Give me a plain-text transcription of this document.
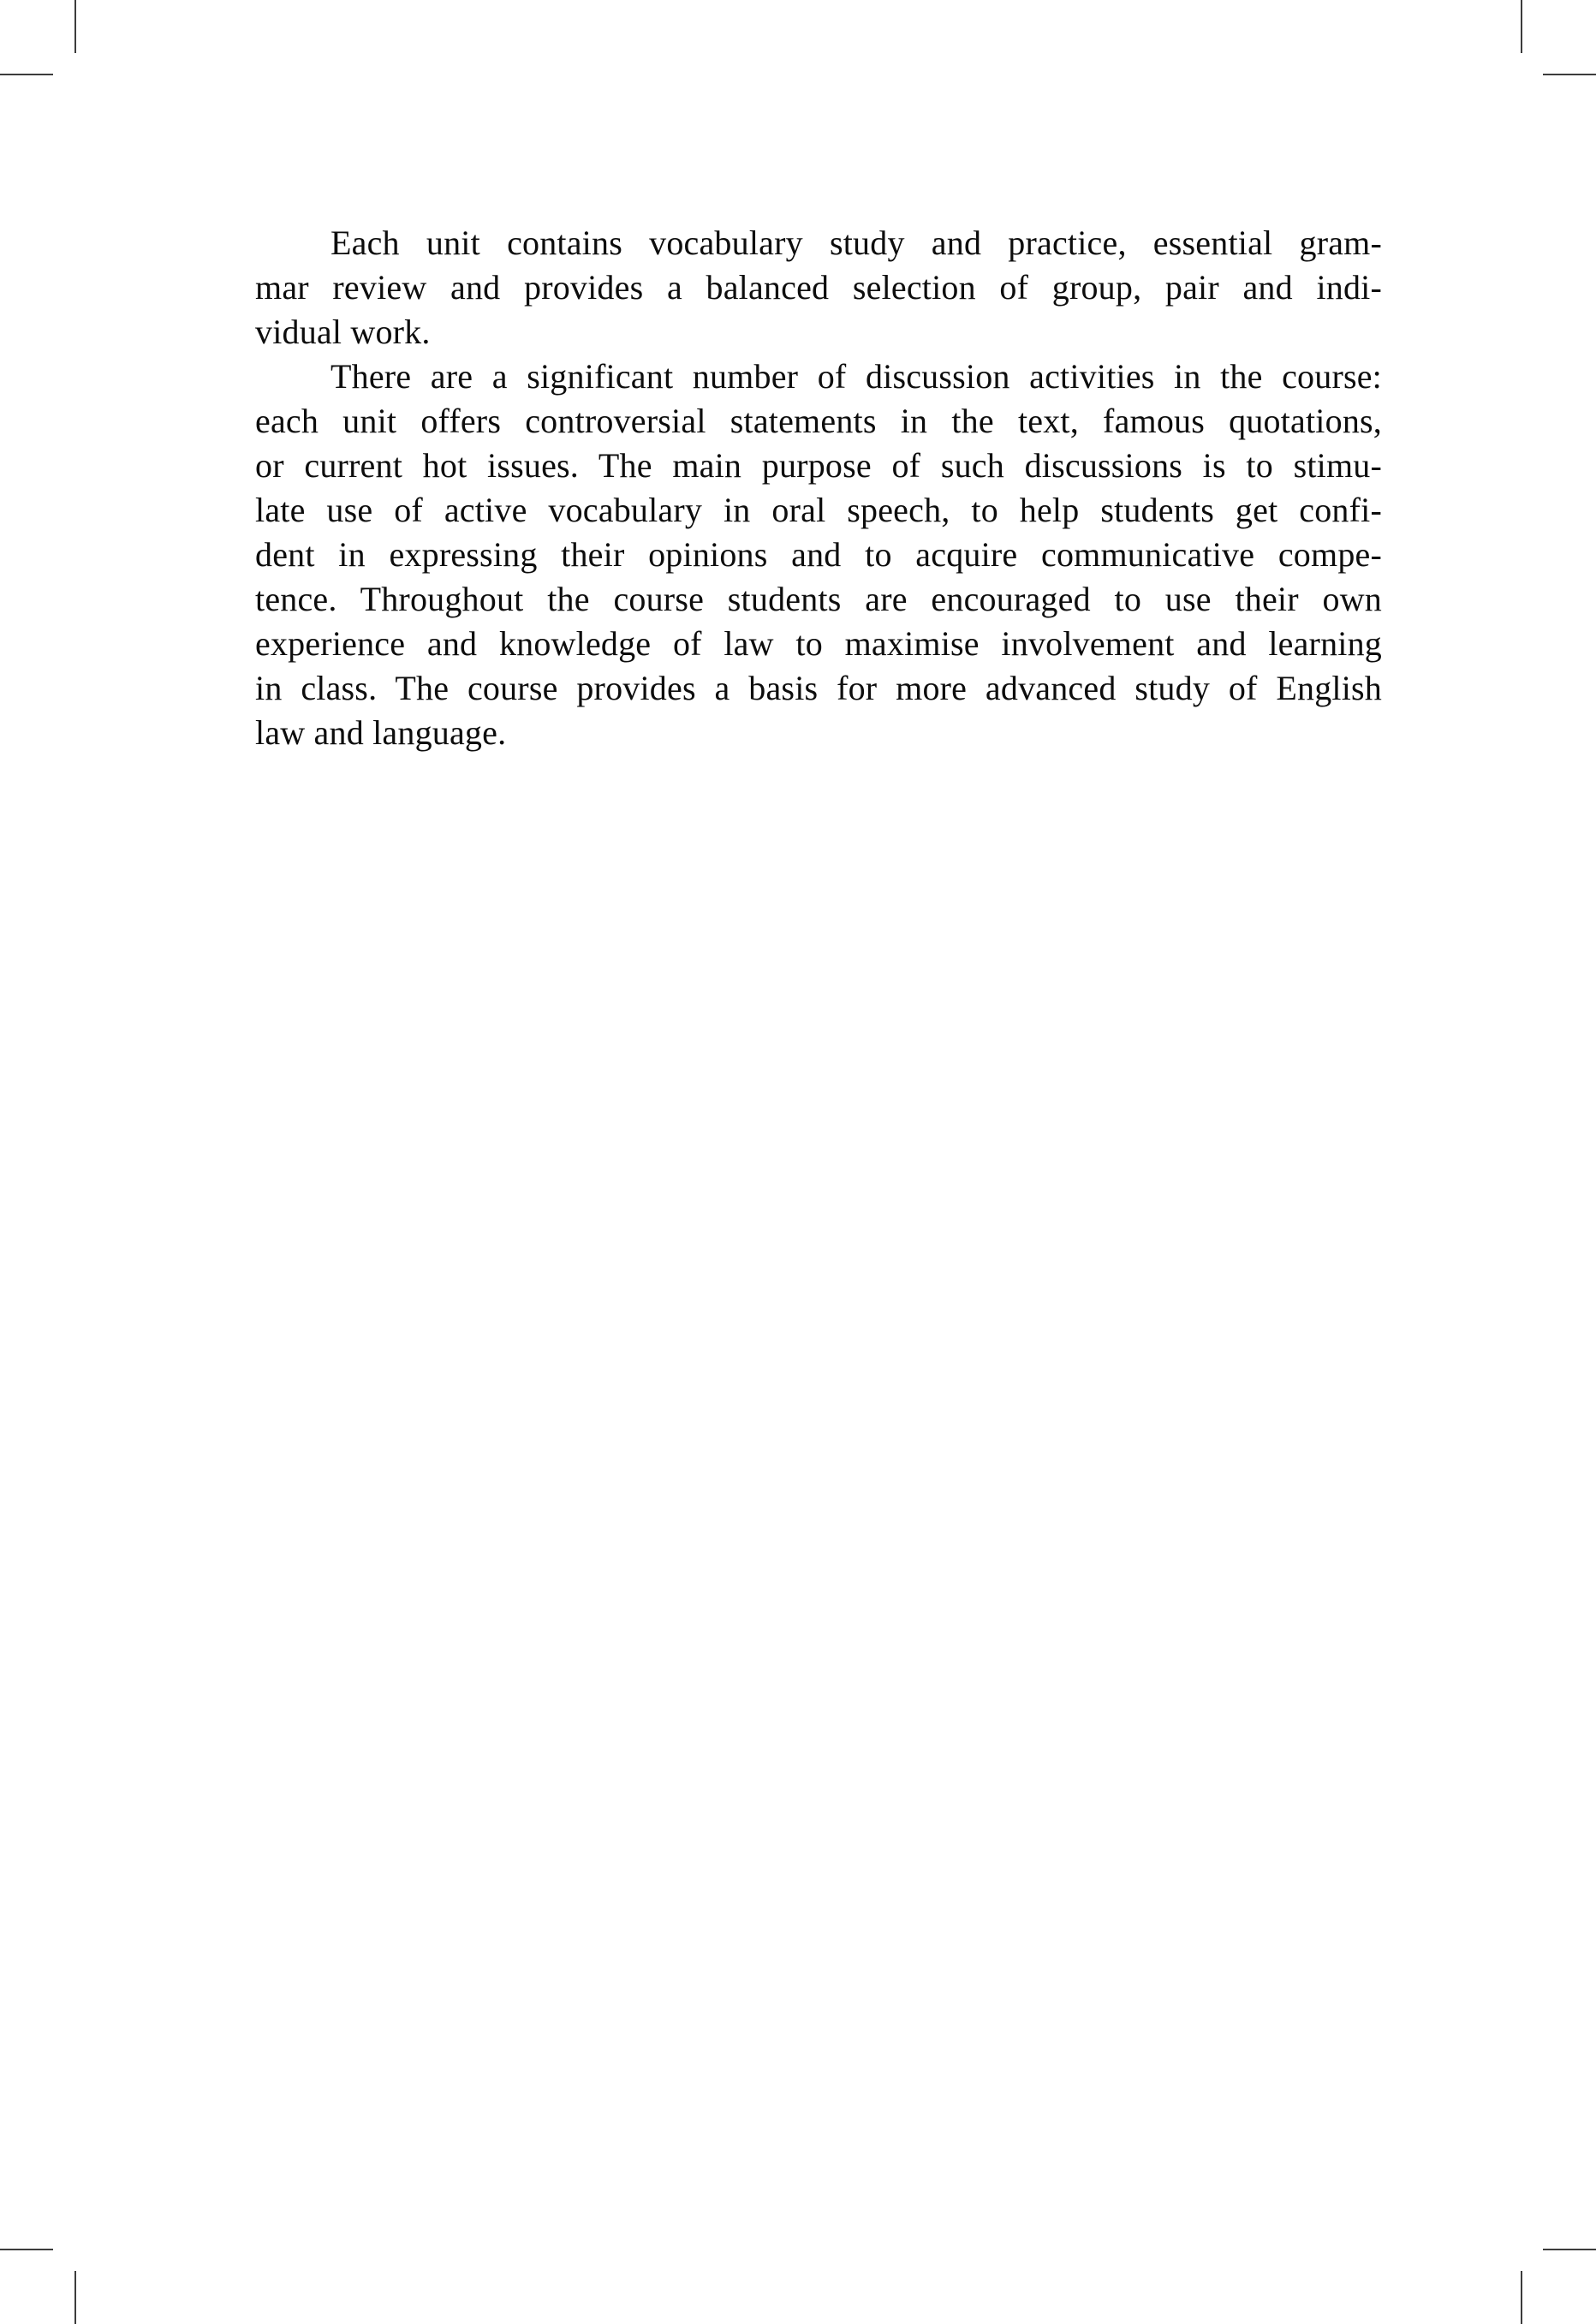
Each unit contains vocabulary study and practice, essential gram-
mar review and provides a balanced selection of group, pair and indi-
vidual work.
There are a significant number of discussion activities in the course:
each unit offers controversial statements in the text, famous quotations,
or current hot issues. The main purpose of such discussions is to stimu-
late use of active vocabulary in oral speech, to help students get confi-
dent in expressing their opinions and to acquire communicative compe-
tence. Throughout the course students are encouraged to use their own
experience and knowledge of law to maximise involvement and learning
in class. The course provides a basis for more advanced study of English
law and language.
